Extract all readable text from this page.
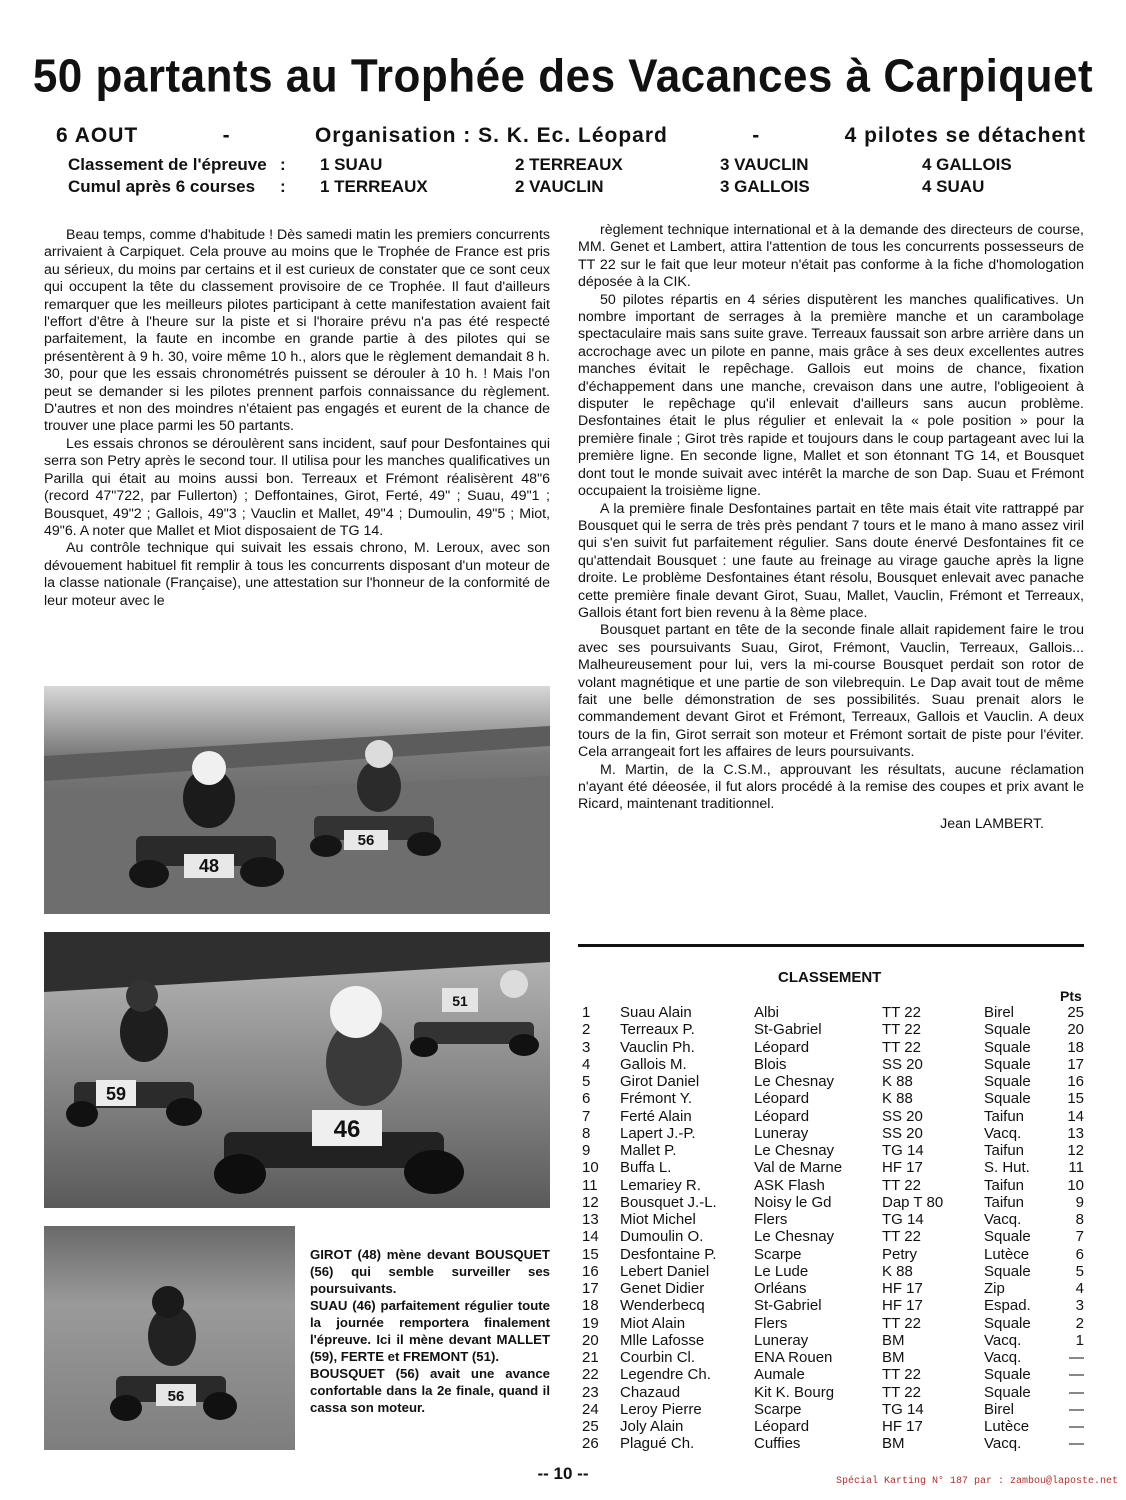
50 partants au Trophée des Vacances à Carpiquet
6 AOUT	-	Organisation : S. K. Ec. Léopard	-	4 pilotes se détachent
Classement de l'épreuve :	1 SUAU	2 TERREAUX	3 VAUCLIN	4 GALLOIS
Cumul après 6 courses	:	1 TERREAUX	2 VAUCLIN	3 GALLOIS	4 SUAU

Beau temps, comme d'habitude ! Dès samedi matin les premiers concurrents arrivaient à Carpiquet. Cela prouve au moins que le Trophée de France est pris au sérieux, du moins par certains et il est curieux de constater que ce sont ceux qui occupent la tête du classement provisoire de ce Trophée. Il faut d'ailleurs remarquer que les meilleurs pilotes participant à cette manifestation avaient fait l'effort d'être à l'heure sur la piste et si l'horaire prévu n'a pas été respecté parfaitement, la faute en incombe en grande partie à des pilotes qui se présentèrent à 9 h. 30, voire même 10 h., alors que le règlement demandait 8 h. 30, pour que les essais chronométrés puissent se dérouler à 10 h. ! Mais l'on peut se demander si les pilotes prennent parfois connaissance du règlement. D'autres et non des moindres n'étaient pas engagés et eurent de la chance de trouver une place parmi les 50 partants.

Les essais chronos se déroulèrent sans incident, sauf pour Desfontaines qui serra son Petry après le second tour. Il utilisa pour les manches qualificatives un Parilla qui était au moins aussi bon. Terreaux et Frémont réalisèrent 48"6 (record 47"722, par Fullerton) ; Deffontaines, Girot, Ferté, 49" ; Suau, 49"1 ; Bousquet, 49"2 ; Gallois, 49"3 ; Vauclin et Mallet, 49"4 ; Dumoulin, 49"5 ; Miot, 49"6. A noter que Mallet et Miot disposaient de TG 14.

Au contrôle technique qui suivait les essais chrono, M. Leroux, avec son dévouement habituel fit remplir à tous les concurrents disposant d'un moteur de la classe nationale (Française), une attestation sur l'honneur de la conformité de leur moteur avec le

règlement technique international et à la demande des directeurs de course, MM. Genet et Lambert, attira l'attention de tous les concurrents possesseurs de TT 22 sur le fait que leur moteur n'était pas conforme à la fiche d'homologation déposée à la CIK.

50 pilotes répartis en 4 séries disputèrent les manches qualificatives. Un nombre important de serrages à la première manche et un carambolage spectaculaire mais sans suite grave. Terreaux faussait son arbre arrière dans un accrochage avec un pilote en panne, mais grâce à ses deux excellentes autres manches évitait le repêchage. Gallois eut moins de chance, fixation d'échappement dans une manche, crevaison dans une autre, l'obligeoient à disputer le repêchage qu'il enlevait d'ailleurs sans aucun problème. Desfontaines était le plus régulier et enlevait la « pole position » pour la première finale ; Girot très rapide et toujours dans le coup partageant avec lui la première ligne. En seconde ligne, Mallet et son étonnant TG 14, et Bousquet dont tout le monde suivait avec intérêt la marche de son Dap. Suau et Frémont occupaient la troisième ligne.

A la première finale Desfontaines partait en tête mais était vite rattrappé par Bousquet qui le serra de très près pendant 7 tours et le mano à mano assez viril qui s'en suivit fut parfaitement régulier. Sans doute énervé Desfontaines fit ce qu'attendait Bousquet : une faute au freinage au virage gauche après la ligne droite. Le problème Desfontaines étant résolu, Bousquet enlevait avec panache cette première finale devant Girot, Suau, Mallet, Vauclin, Frémont et Terreaux, Gallois étant fort bien revenu à la 8ème place.

Bousquet partant en tête de la seconde finale allait rapidement faire le trou avec ses poursuivants Suau, Girot, Frémont, Vauclin, Terreaux, Gallois... Malheureusement pour lui, vers la mi-course Bousquet perdait son rotor de volant magnétique et une partie de son vilebrequin. Le Dap avait tout de même fait une belle démonstration de ses possibilités. Suau prenait alors le commandement devant Girot et Frémont, Terreaux, Gallois et Vauclin. A deux tours de la fin, Girot serrait son moteur et Frémont sortait de piste pour l'éviter. Cela arrangeait fort les affaires de leurs poursuivants.

M. Martin, de la C.S.M., approuvant les résultats, aucune réclamation n'ayant été déeosée, il fut alors procédé à la remise des coupes et prix avant le Ricard, maintenant traditionnel.

Jean LAMBERT.
48
56
59
46
51
56

GIROT (48) mène devant BOUSQUET (56) qui semble surveiller ses poursuivants.

SUAU (46) parfaitement régulier toute la journée remportera finalement l'épreuve. Ici il mène devant MALLET (59), FERTE et FREMONT (51).

BOUSQUET (56) avait une avance confortable dans la 2e finale, quand il cassa son moteur.

CLASSEMENT
Pts
1	Suau Alain	Albi	TT 22	Birel	25
2	Terreaux P.	St-Gabriel	TT 22	Squale	20
3	Vauclin Ph.	Léopard	TT 22	Squale	18
4	Gallois M.	Blois	SS 20	Squale	17
5	Girot Daniel	Le Chesnay	K 88	Squale	16
6	Frémont Y.	Léopard	K 88	Squale	15
7	Ferté Alain	Léopard	SS 20	Taifun	14
8	Lapert J.-P.	Luneray	SS 20	Vacq.	13
9	Mallet P.	Le Chesnay	TG 14	Taifun	12
10	Buffa L.	Val de Marne	HF 17	S. Hut.	11
11	Lemariey R.	ASK Flash	TT 22	Taifun	10
12	Bousquet J.-L.	Noisy le Gd	Dap T 80	Taifun	9
13	Miot Michel	Flers	TG 14	Vacq.	8
14	Dumoulin O.	Le Chesnay	TT 22	Squale	7
15	Desfontaine P.	Scarpe	Petry	Lutèce	6
16	Lebert Daniel	Le Lude	K 88	Squale	5
17	Genet Didier	Orléans	HF 17	Zip	4
18	Wenderbecq	St-Gabriel	HF 17	Espad.	3
19	Miot Alain	Flers	TT 22	Squale	2
20	Mlle Lafosse	Luneray	BM	Vacq.	1
21	Courbin Cl.	ENA Rouen	BM	Vacq.	—
22	Legendre Ch.	Aumale	TT 22	Squale	—
23	Chazaud	Kit K. Bourg	TT 22	Squale	—
24	Leroy Pierre	Scarpe	TG 14	Birel	—
25	Joly Alain	Léopard	HF 17	Lutèce	—
26	Plagué Ch.	Cuffies	BM	Vacq.	—
-- 10 --	Spécial Karting N° 187 par : zambou@laposte.net
